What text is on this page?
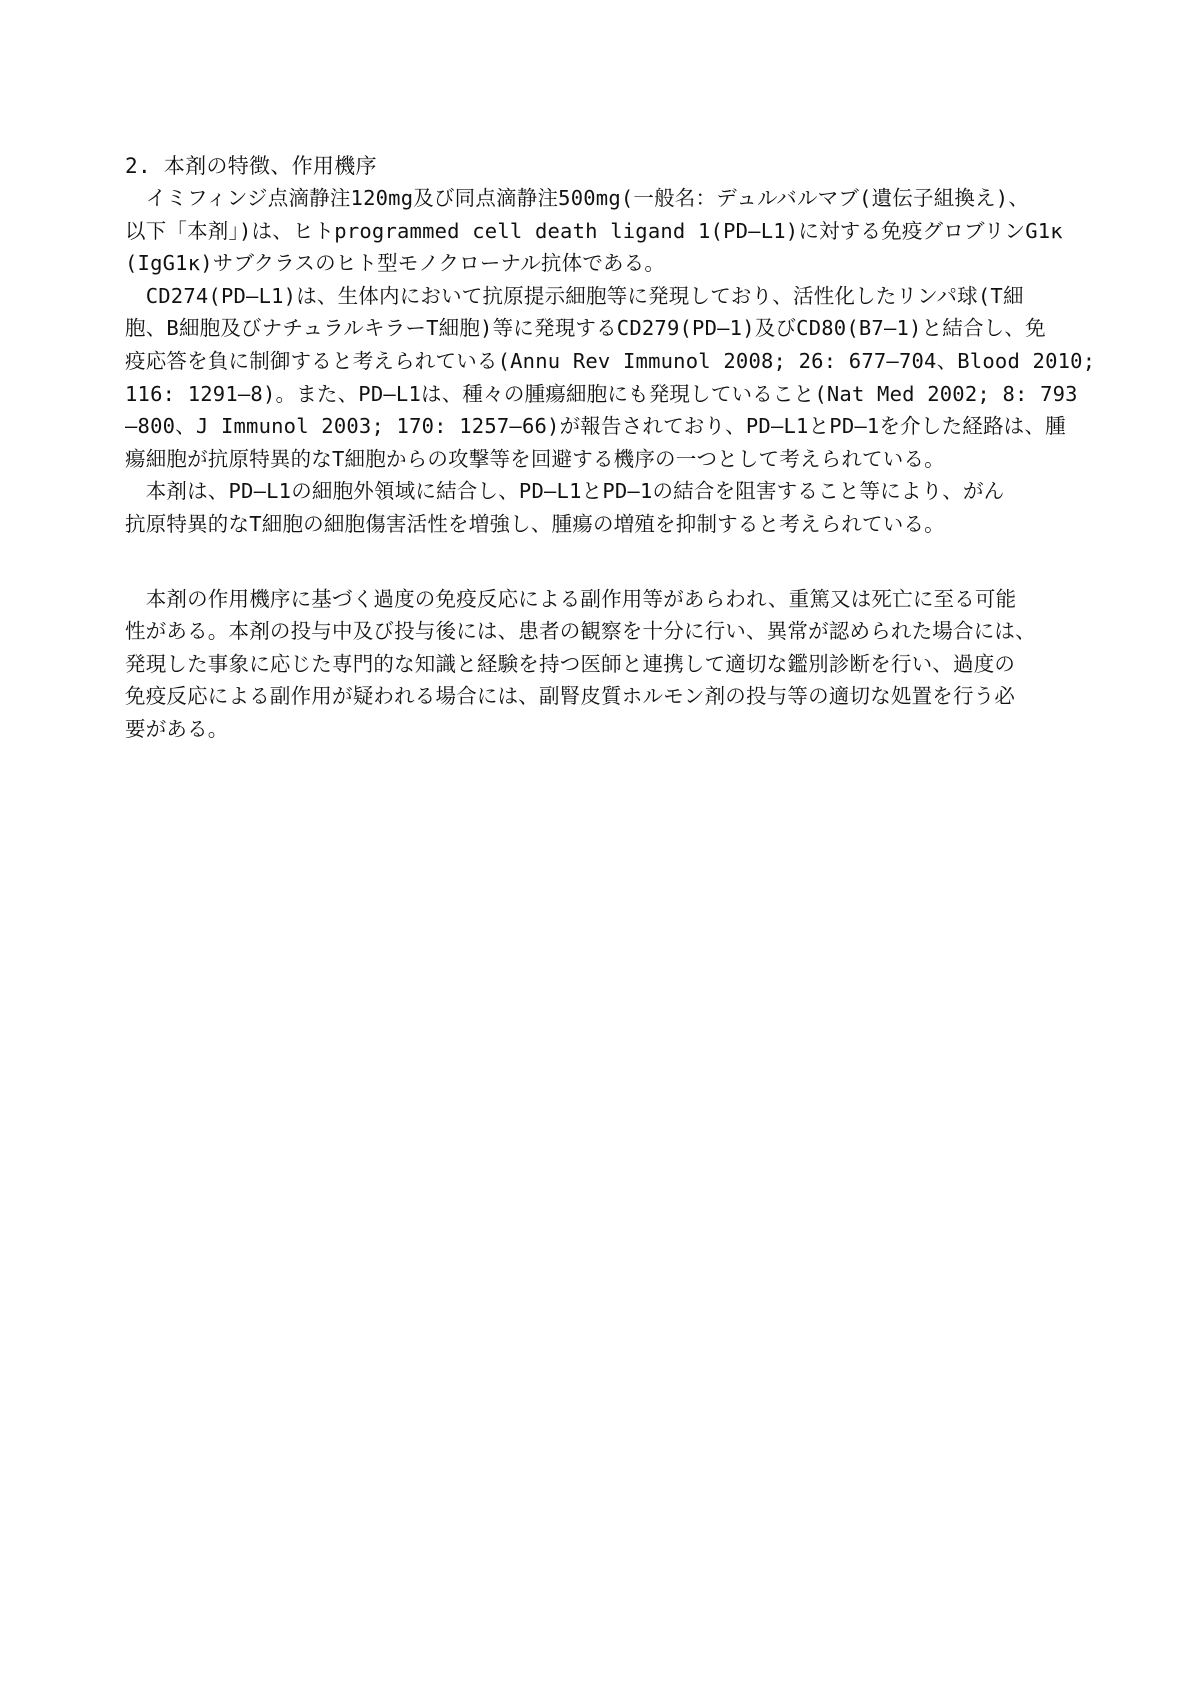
2. 本剤の特徴、作用機序
　イミフィンジ点滴静注120mg及び同点滴静注500mg(一般名：デュルバルマブ(遺伝子組換え)、
以下「本剤」)は、ヒトprogrammed cell death ligand 1(PD—L1)に対する免疫グロブリンG1κ
(IgG1κ)サブクラスのヒト型モノクローナル抗体である。
　CD274(PD—L1)は、生体内において抗原提示細胞等に発現しており、活性化したリンパ球(T細
胞、B細胞及びナチュラルキラーT細胞)等に発現するCD279(PD—1)及びCD80(B7—1)と結合し、免
疫応答を負に制御すると考えられている(Annu Rev Immunol 2008; 26: 677—704、Blood 2010;
116: 1291—8)。また、PD—L1は、種々の腫瘍細胞にも発現していること(Nat Med 2002; 8: 793
—800、J Immunol 2003; 170: 1257—66)が報告されており、PD—L1とPD—1を介した経路は、腫
瘍細胞が抗原特異的なT細胞からの攻撃等を回避する機序の一つとして考えられている。
　本剤は、PD—L1の細胞外領域に結合し、PD—L1とPD—1の結合を阻害すること等により、がん
抗原特異的なT細胞の細胞傷害活性を増強し、腫瘍の増殖を抑制すると考えられている。
　本剤の作用機序に基づく過度の免疫反応による副作用等があらわれ、重篤又は死亡に至る可能
性がある。本剤の投与中及び投与後には、患者の観察を十分に行い、異常が認められた場合には、
発現した事象に応じた専門的な知識と経験を持つ医師と連携して適切な鑑別診断を行い、過度の
免疫反応による副作用が疑われる場合には、副腎皮質ホルモン剤の投与等の適切な処置を行う必
要がある。
